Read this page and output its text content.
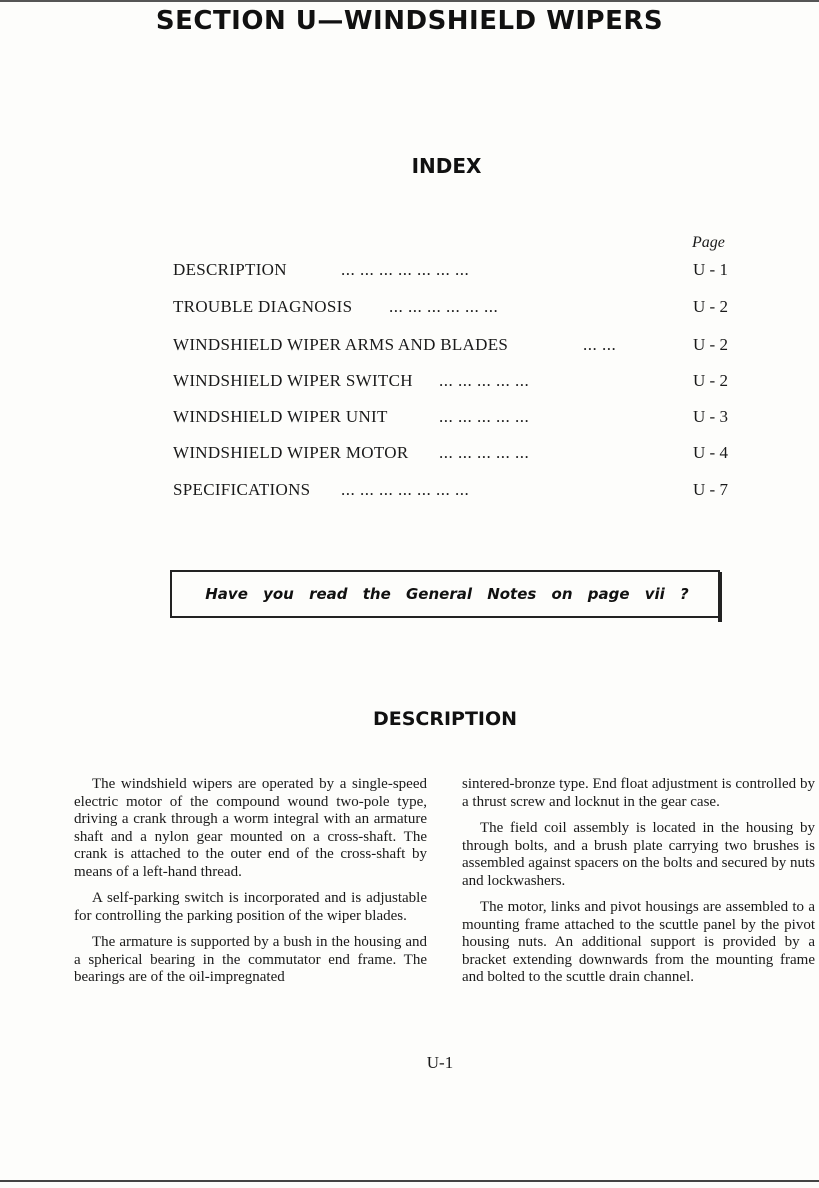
SECTION U—WINDSHIELD WIPERS
INDEX
Page
DESCRIPTION	... ... ... ... ... ... ...	U - 1
TROUBLE DIAGNOSIS ... ... ... ... ... ...	U - 2
WINDSHIELD WIPER ARMS AND BLADES	... ...	U - 2
WINDSHIELD WIPER SWITCH ... ... ... ... ...	U - 2
WINDSHIELD WIPER UNIT	... ... ... ... ...	U - 3
WINDSHIELD WIPER MOTOR ... ... ... ... ...	U - 4
SPECIFICATIONS ... ... ... ... ... ... ...	U - 7
Have you read the General Notes on page vii ?
DESCRIPTION

The windshield wipers are operated by a single-speed electric motor of the compound wound two-pole type, driving a crank through a worm integral with an armature shaft and a nylon gear mounted on a cross-shaft. The crank is attached to the outer end of the cross-shaft by means of a left-hand thread.

A self-parking switch is incorporated and is adjustable for controlling the parking position of the wiper blades.

The armature is supported by a bush in the housing and a spherical bearing in the commutator end frame. The bearings are of the oil-impregnated

sintered-bronze type. End float adjustment is controlled by a thrust screw and locknut in the gear case.

The field coil assembly is located in the housing by through bolts, and a brush plate carrying two brushes is assembled against spacers on the bolts and secured by nuts and lockwashers.

The motor, links and pivot housings are assembled to a mounting frame attached to the scuttle panel by the pivot housing nuts. An additional support is provided by a bracket extending downwards from the mounting frame and bolted to the scuttle drain channel.

U-1
